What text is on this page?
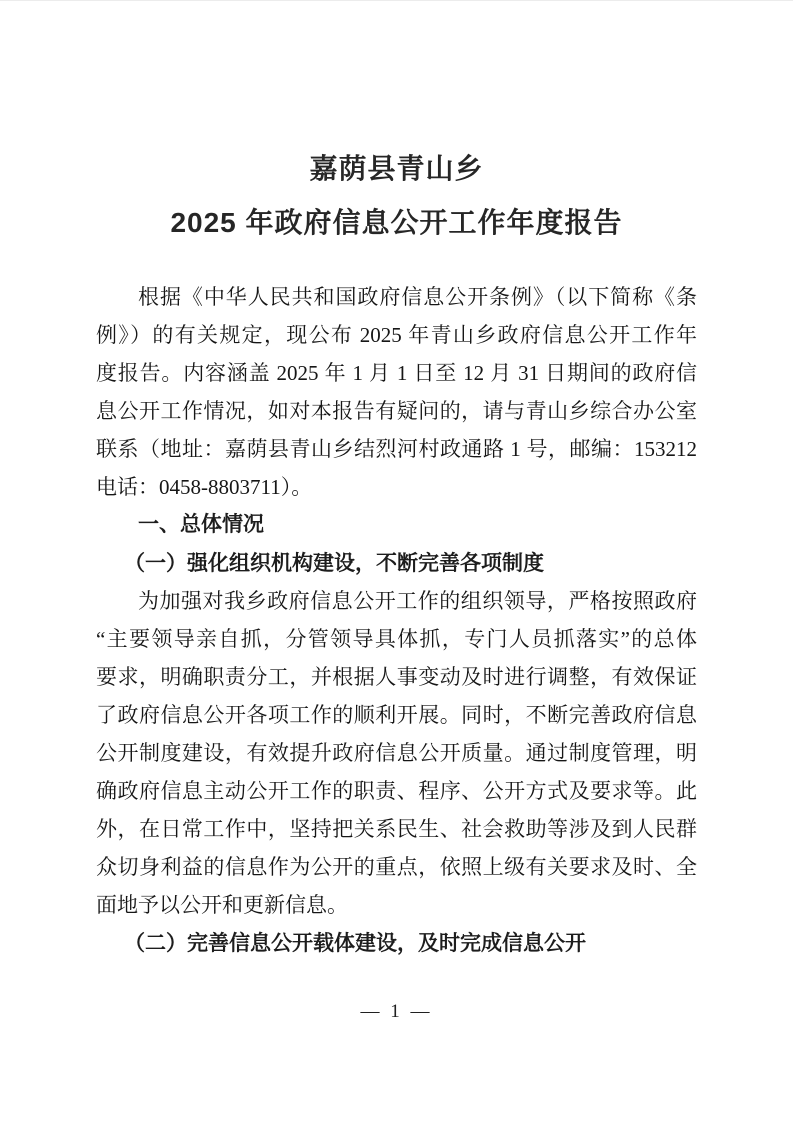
嘉荫县青山乡
2025 年政府信息公开工作年度报告
根据《中华人民共和国政府信息公开条例》（以下简称《条
例》）的有关规定，现公布 2025 年青山乡政府信息公开工作年
度报告。内容涵盖 2025 年 1 月 1 日至 12 月 31 日期间的政府信
息公开工作情况，如对本报告有疑问的，请与青山乡综合办公室
联系（地址：嘉荫县青山乡结烈河村政通路 1 号，邮编：153212
电话：0458-8803711）。
一、总体情况
（一）强化组织机构建设，不断完善各项制度
为加强对我乡政府信息公开工作的组织领导，严格按照政府
“主要领导亲自抓，分管领导具体抓，专门人员抓落实”的总体
要求，明确职责分工，并根据人事变动及时进行调整，有效保证
了政府信息公开各项工作的顺利开展。同时，不断完善政府信息
公开制度建设，有效提升政府信息公开质量。通过制度管理，明
确政府信息主动公开工作的职责、程序、公开方式及要求等。此
外，在日常工作中，坚持把关系民生、社会救助等涉及到人民群
众切身利益的信息作为公开的重点，依照上级有关要求及时、全
面地予以公开和更新信息。
（二）完善信息公开载体建设，及时完成信息公开
— 1 —
